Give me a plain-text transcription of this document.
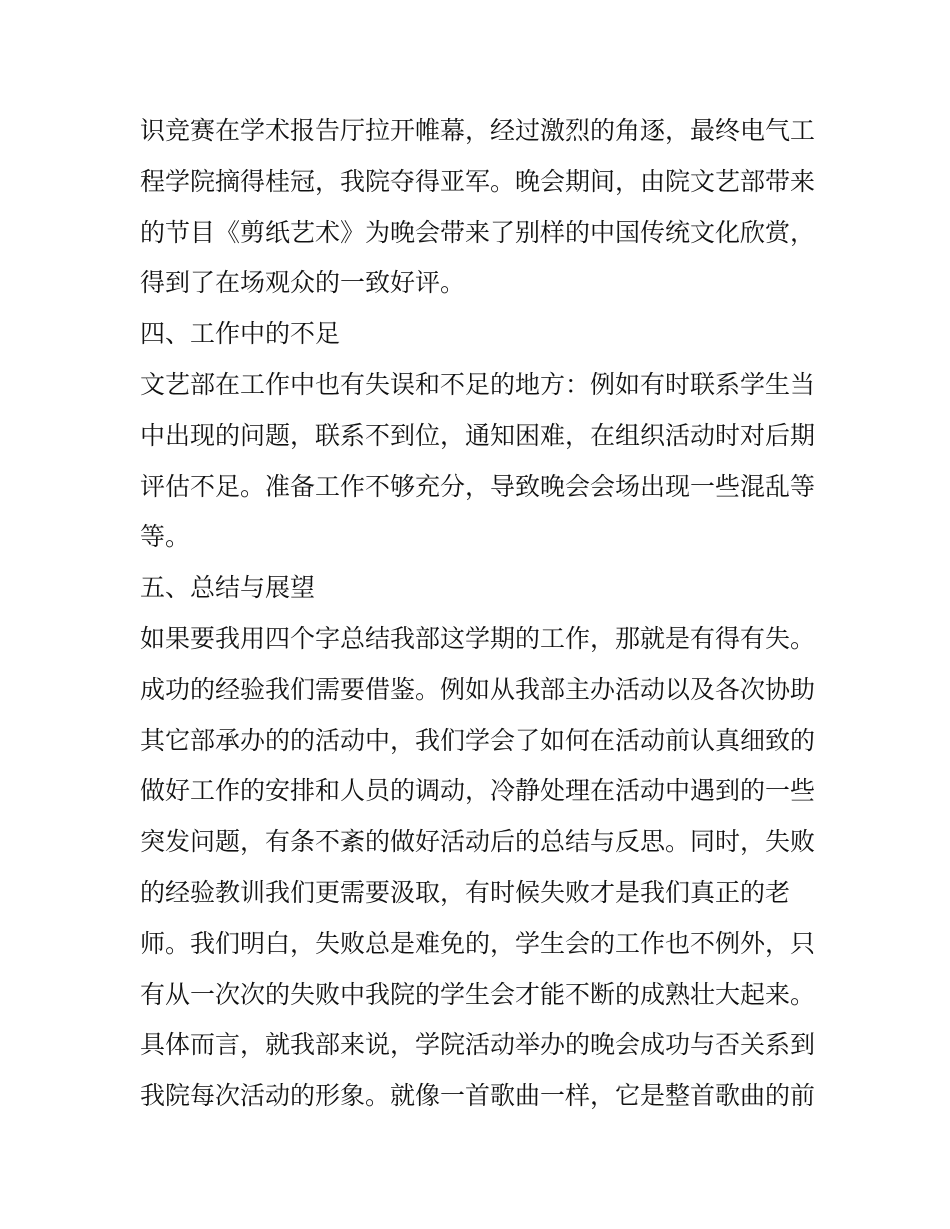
识竞赛在学术报告厅拉开帷幕，经过激烈的角逐，最终电气工
程学院摘得桂冠，我院夺得亚军。晚会期间，由院文艺部带来
的节目《剪纸艺术》为晚会带来了别样的中国传统文化欣赏，
得到了在场观众的一致好评。
四、工作中的不足
文艺部在工作中也有失误和不足的地方：例如有时联系学生当
中出现的问题，联系不到位，通知困难，在组织活动时对后期
评估不足。准备工作不够充分，导致晚会会场出现一些混乱等
等。
五、总结与展望
如果要我用四个字总结我部这学期的工作，那就是有得有失。
成功的经验我们需要借鉴。例如从我部主办活动以及各次协助
其它部承办的的活动中，我们学会了如何在活动前认真细致的
做好工作的安排和人员的调动，冷静处理在活动中遇到的一些
突发问题，有条不紊的做好活动后的总结与反思。同时，失败
的经验教训我们更需要汲取，有时候失败才是我们真正的老
师。我们明白，失败总是难免的，学生会的工作也不例外，只
有从一次次的失败中我院的学生会才能不断的成熟壮大起来。
具体而言，就我部来说，学院活动举办的晚会成功与否关系到
我院每次活动的形象。就像一首歌曲一样，它是整首歌曲的前
